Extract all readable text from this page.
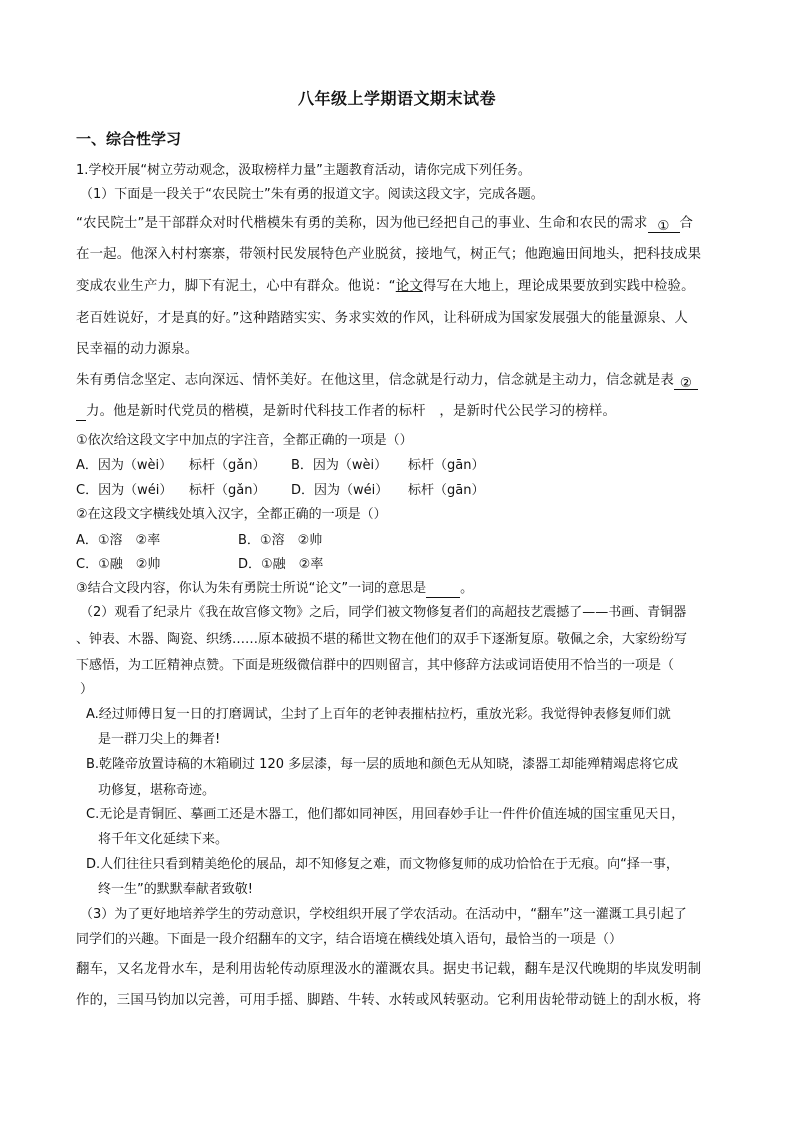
八年级上学期语文期末试卷
一、综合性学习
1.学校开展“树立劳动观念，汲取榜样力量”主题教育活动，请你完成下列任务。
（1）下面是一段关于“农民院士”朱有勇的报道文字。阅读这段文字，完成各题。
“农民院士”是干部群众对时代楷模朱有勇的美称，因为他已经把自己的事业、生命和农民的需求 ① 合
在一起。他深入村村寨寨，带领村民发展特色产业脱贫，接地气，树正气；他跑遍田间地头，把科技成果
变成农业生产力，脚下有泥土，心中有群众。他说：“论文得写在大地上，理论成果要放到实践中检验。
老百姓说好，才是真的好。”这种踏踏实实、务求实效的作风，让科研成为国家发展强大的能量源泉、人
民幸福的动力源泉。
朱有勇信念坚定、志向深远、情怀美好。在他这里，信念就是行动力，信念就是主动力，信念就是表 ②
力。他是新时代党员的楷模，是新时代科技工作者的标杆　，是新时代公民学习的榜样。
①依次给这段文字中加点的字注音，全都正确的一项是（）
A．因为（wèi） 标杆（gǎn） B．因为（wèi） 标杆（gān）
C．因为（wéi） 标杆（gǎn） D．因为（wéi） 标杆（gān）
②在这段文字横线处填入汉字，全都正确的一项是（）
A．①溶　②率	B．①溶　②帅
C．①融　②帅	D．①融　②率
③结合文段内容，你认为朱有勇院士所说“论文”一词的意思是	。
（2）观看了纪录片《我在故宫修文物》之后，同学们被文物修复者们的高超技艺震撼了——书画、青铜器
、钟表、木器、陶瓷、织绣……原本破损不堪的稀世文物在他们的双手下逐渐复原。敬佩之余，大家纷纷写
下感悟，为工匠精神点赞。下面是班级微信群中的四则留言，其中修辞方法或词语使用不恰当的一项是（
）
A.经过师傅日复一日的打磨调试，尘封了上百年的老钟表摧枯拉朽，重放光彩。我觉得钟表修复师们就
是一群刀尖上的舞者!
B.乾隆帝放置诗稿的木箱刷过 120 多层漆，每一层的质地和颜色无从知晓，漆器工却能殚精竭虑将它成
功修复，堪称奇迹。
C.无论是青铜匠、摹画工还是木器工，他们都如同神医，用回春妙手让一件件价值连城的国宝重见天日，
将千年文化延续下来。
D.人们往往只看到精美绝伦的展品，却不知修复之难，而文物修复师的成功恰恰在于无痕。向“择一事，
终一生”的默默奉献者致敬!
（3）为了更好地培养学生的劳动意识，学校组织开展了学农活动。在活动中，“翻车”这一灌溉工具引起了
同学们的兴趣。下面是一段介绍翻车的文字，结合语境在横线处填入语句，最恰当的一项是（）
翻车，又名龙骨水车，是利用齿轮传动原理汲水的灌溉农具。据史书记载，翻车是汉代晚期的毕岚发明制
作的，三国马钧加以完善，可用手摇、脚踏、牛转、水转或风转驱动。它利用齿轮带动链上的刮水板，将
